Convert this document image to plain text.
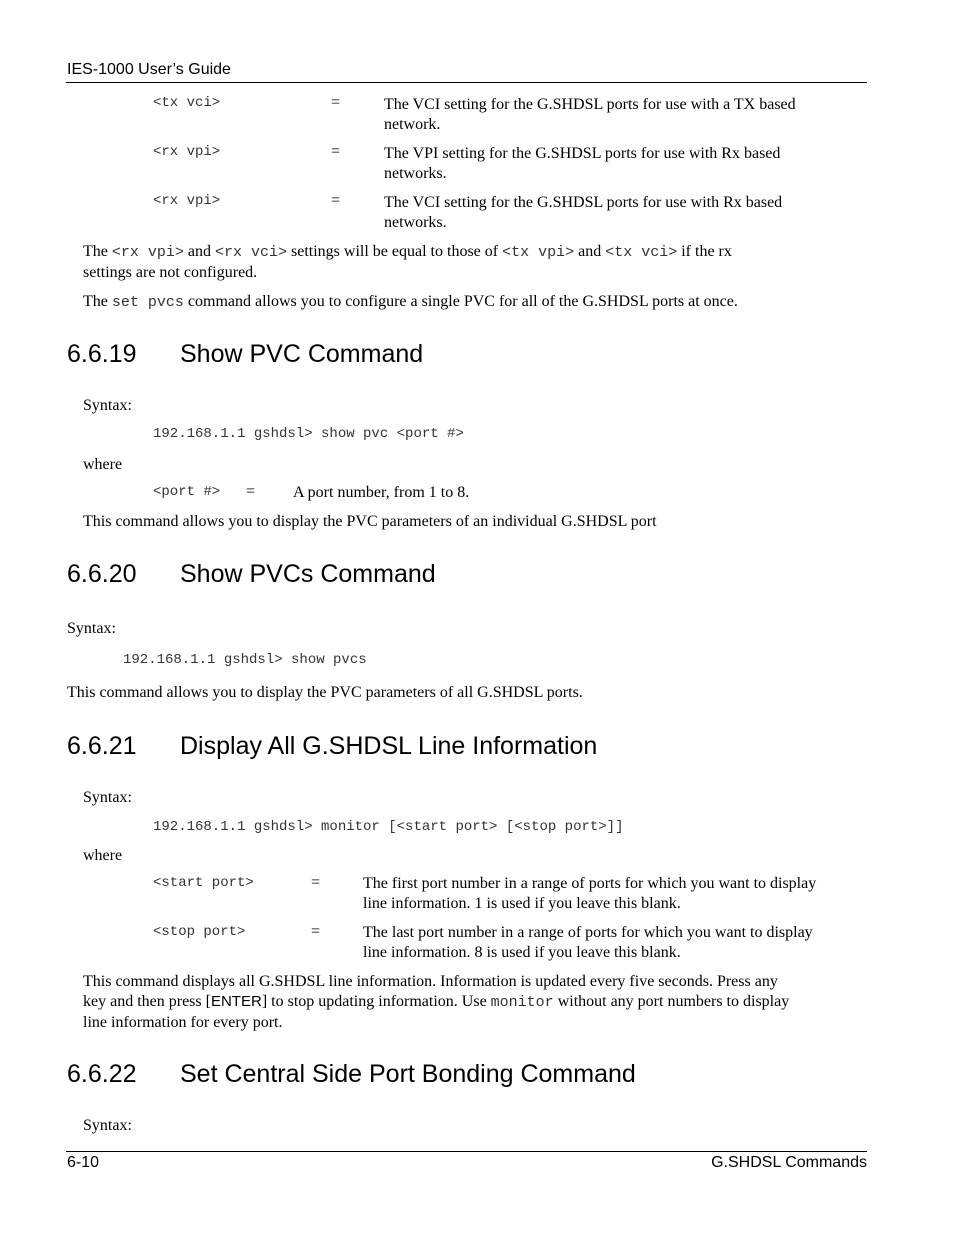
IES-1000 User’s Guide
<tx vci>	=	The VCI setting for the G.SHDSL ports for use with a TX based
network.
<rx vpi>	=	The VPI setting for the G.SHDSL ports for use with Rx based
networks.
<rx vpi>	=	The VCI setting for the G.SHDSL ports for use with Rx based
networks.
The <rx vpi> and <rx vci> settings will be equal to those of <tx vpi> and <tx vci> if the rx
settings are not configured.
The set pvcs command allows you to configure a single PVC for all of the G.SHDSL ports at once.
6.6.19 Show PVC Command
Syntax:
192.168.1.1 gshdsl> show pvc <port #>
where
<port #> = A port number, from 1 to 8.
This command allows you to display the PVC parameters of an individual G.SHDSL port
6.6.20 Show PVCs Command
Syntax:
192.168.1.1 gshdsl> show pvcs
This command allows you to display the PVC parameters of all G.SHDSL ports.
6.6.21 Display All G.SHDSL Line Information
Syntax:
192.168.1.1 gshdsl> monitor [<start port> [<stop port>]]
where
<start port>	=	The first port number in a range of ports for which you want to display
line information. 1 is used if you leave this blank.
<stop port>	=	The last port number in a range of ports for which you want to display
line information. 8 is used if you leave this blank.
This command displays all G.SHDSL line information. Information is updated every five seconds. Press any
key and then press [ENTER] to stop updating information. Use monitor without any port numbers to display
line information for every port.
6.6.22 Set Central Side Port Bonding Command
Syntax:
6-10	G.SHDSL Commands
